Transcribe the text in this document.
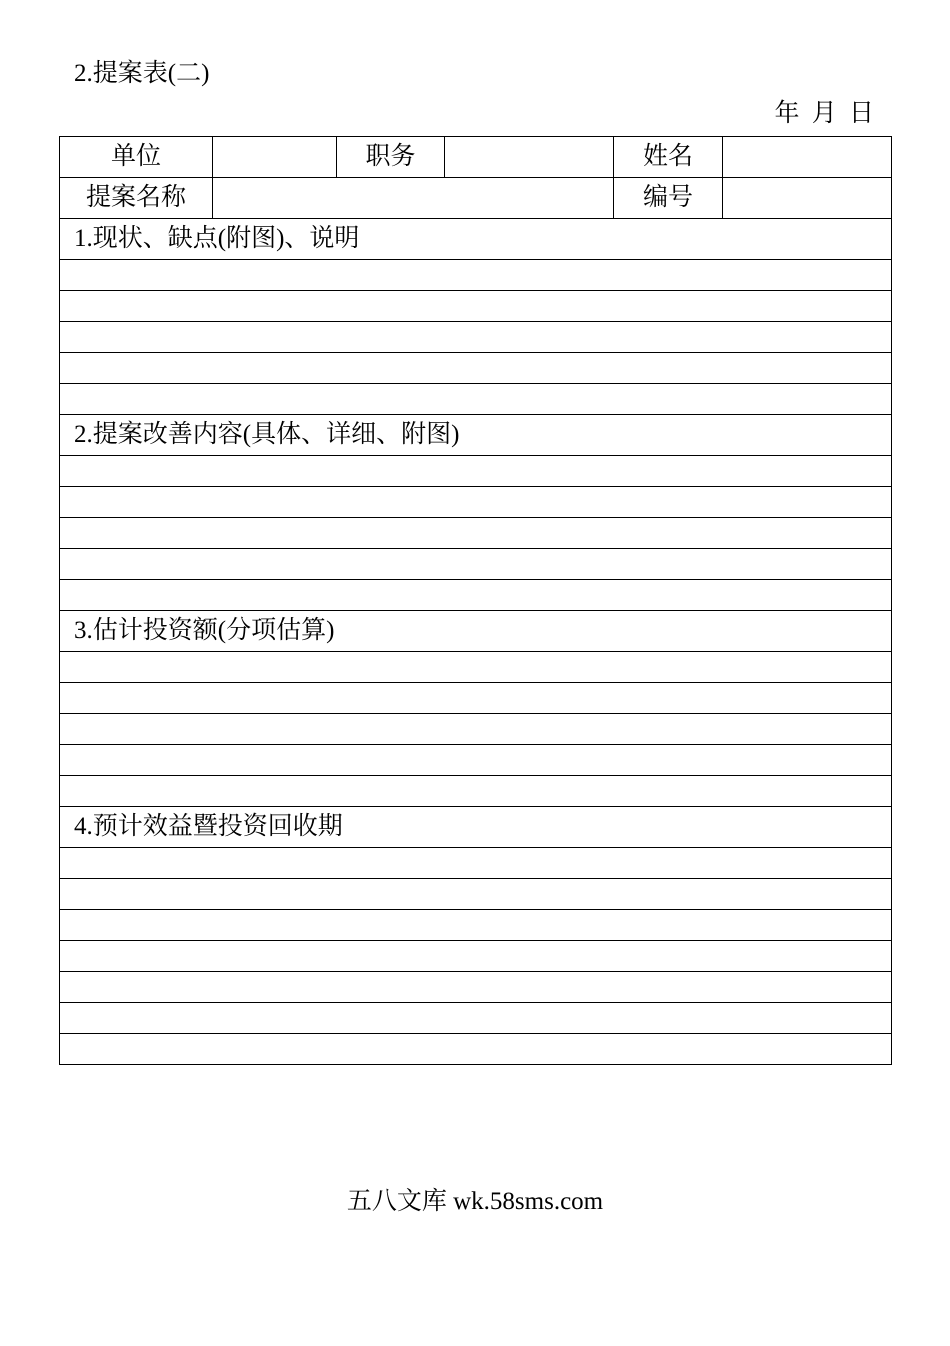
2.提案表(二)
年 月 日
单位		职务		姓名	
提案名称				编号	
1.现状、缺点(附图)、说明					

2.提案改善内容(具体、详细、附图)					

3.估计投资额(分项估算)					

4.预计效益暨投资回收期					

五八文库 wk.58sms.com
